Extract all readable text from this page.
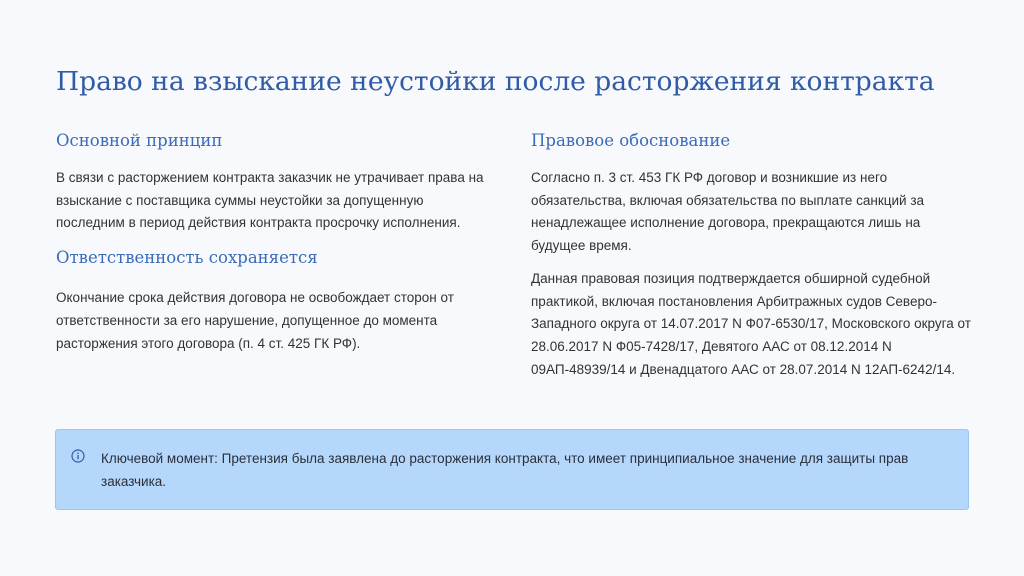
Право на взыскание неустойки после расторжения контракта
Основной принцип

В связи с расторжением контракта заказчик не утрачивает права на взыскание с поставщика суммы неустойки за допущенную последним в период действия контракта просрочку исполнения.

Ответственность сохраняется

Окончание срока действия договора не освобождает сторон от ответственности за его нарушение, допущенное до момента расторжения этого договора (п. 4 ст. 425 ГК РФ).

Правовое обоснование

Согласно п. 3 ст. 453 ГК РФ договор и возникшие из него обязательства, включая обязательства по выплате санкций за ненадлежащее исполнение договора, прекращаются лишь на будущее время.

Данная правовая позиция подтверждается обширной судебной практикой, включая постановления Арбитражных судов Северо-Западного округа от 14.07.2017 N Ф07-6530/17, Московского округа от 28.06.2017 N Ф05-7428/17, Девятого ААС от 08.12.2014 N 09АП-48939/14 и Двенадцатого ААС от 28.07.2014 N 12АП-6242/14.

Ключевой момент: Претензия была заявлена до расторжения контракта, что имеет принципиальное значение для защиты прав заказчика.
